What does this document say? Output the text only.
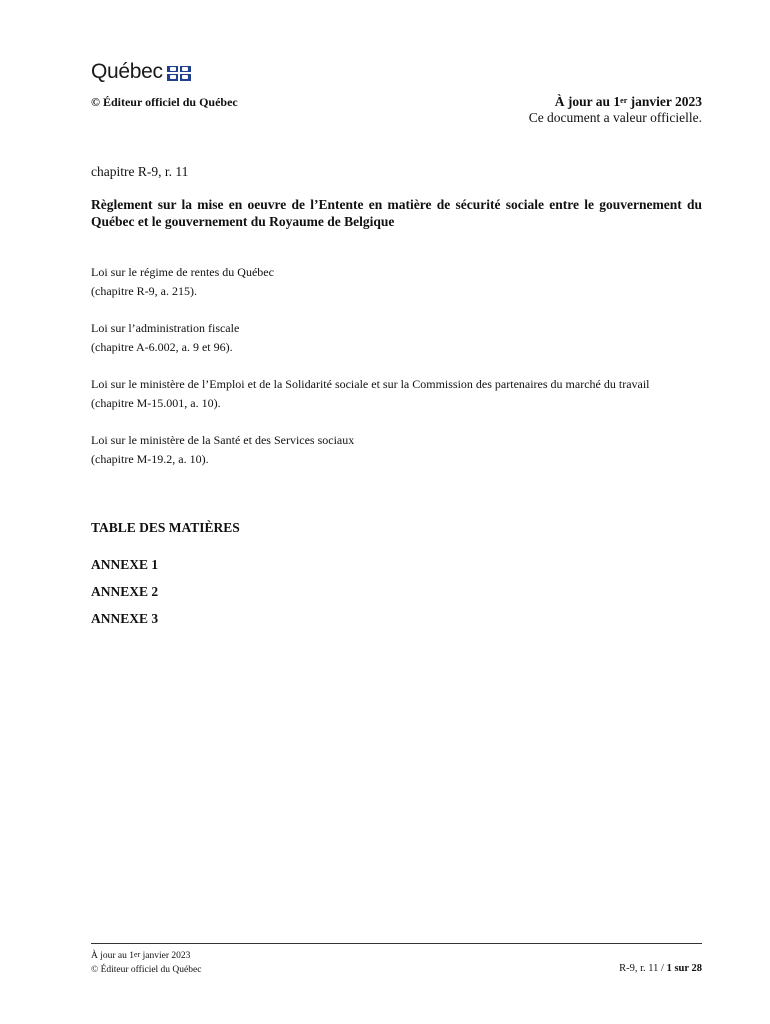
Québec
© Éditeur officiel du Québec	À jour au 1er janvier 2023
Ce document a valeur officielle.
chapitre R-9, r. 11
Règlement sur la mise en oeuvre de l’Entente en matière de sécurité sociale entre le gouvernement du Québec et le gouvernement du Royaume de Belgique
Loi sur le régime de rentes du Québec
(chapitre R-9, a. 215).
Loi sur l’administration fiscale
(chapitre A-6.002, a. 9 et 96).
Loi sur le ministère de l’Emploi et de la Solidarité sociale et sur la Commission des partenaires du marché du travail
(chapitre M-15.001, a. 10).
Loi sur le ministère de la Santé et des Services sociaux
(chapitre M-19.2, a. 10).
TABLE DES MATIÈRES
ANNEXE 1
ANNEXE 2
ANNEXE 3
À jour au 1er janvier 2023
© Éditeur officiel du Québec	R-9, r. 11 / 1 sur 28
